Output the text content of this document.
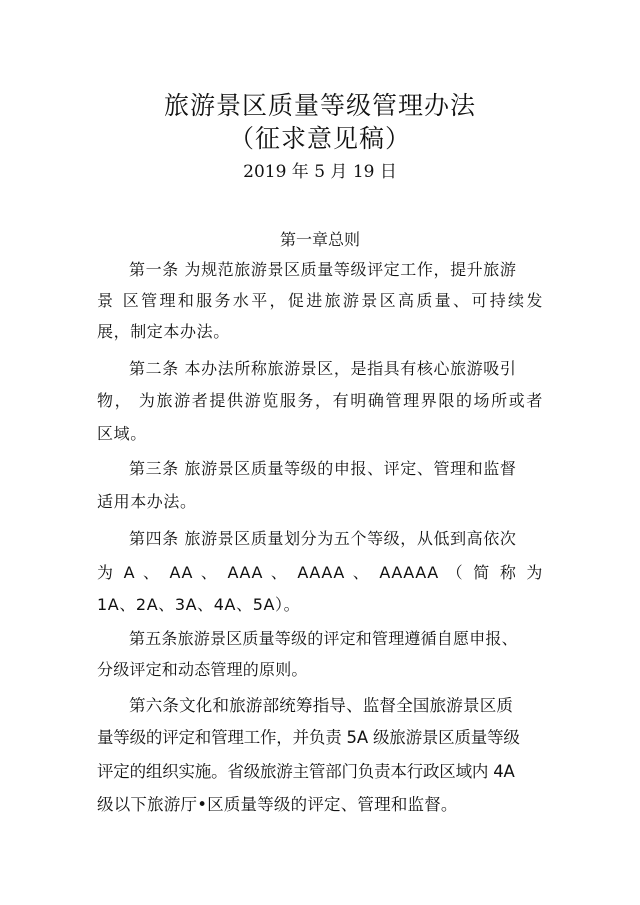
旅游景区质量等级管理办法
（征求意见稿）
2019 年 5 月 19 日
第一章总则
第一条 为规范旅游景区质量等级评定工作，提升旅游
景 区管理和服务水平，促进旅游景区高质量、可持续发
展，制定本办法。
第二条 本办法所称旅游景区，是指具有核心旅游吸引
物， 为旅游者提供游览服务，有明确管理界限的场所或者
区域。
第三条 旅游景区质量等级的申报、评定、管理和监督
适用本办法。
第四条 旅游景区质量划分为五个等级，从低到高依次
为 A 、 AA 、 AAA 、 AAAA 、 AAAAA （ 简 称 为
1A、2A、3A、4A、5A）。
第五条旅游景区质量等级的评定和管理遵循自愿申报、
分级评定和动态管理的原则。
第六条文化和旅游部统筹指导、监督全国旅游景区质
量等级的评定和管理工作，并负责 5A 级旅游景区质量等级
评定的组织实施。省级旅游主管部门负责本行政区域内 4A
级以下旅游厅•区质量等级的评定、管理和监督。
